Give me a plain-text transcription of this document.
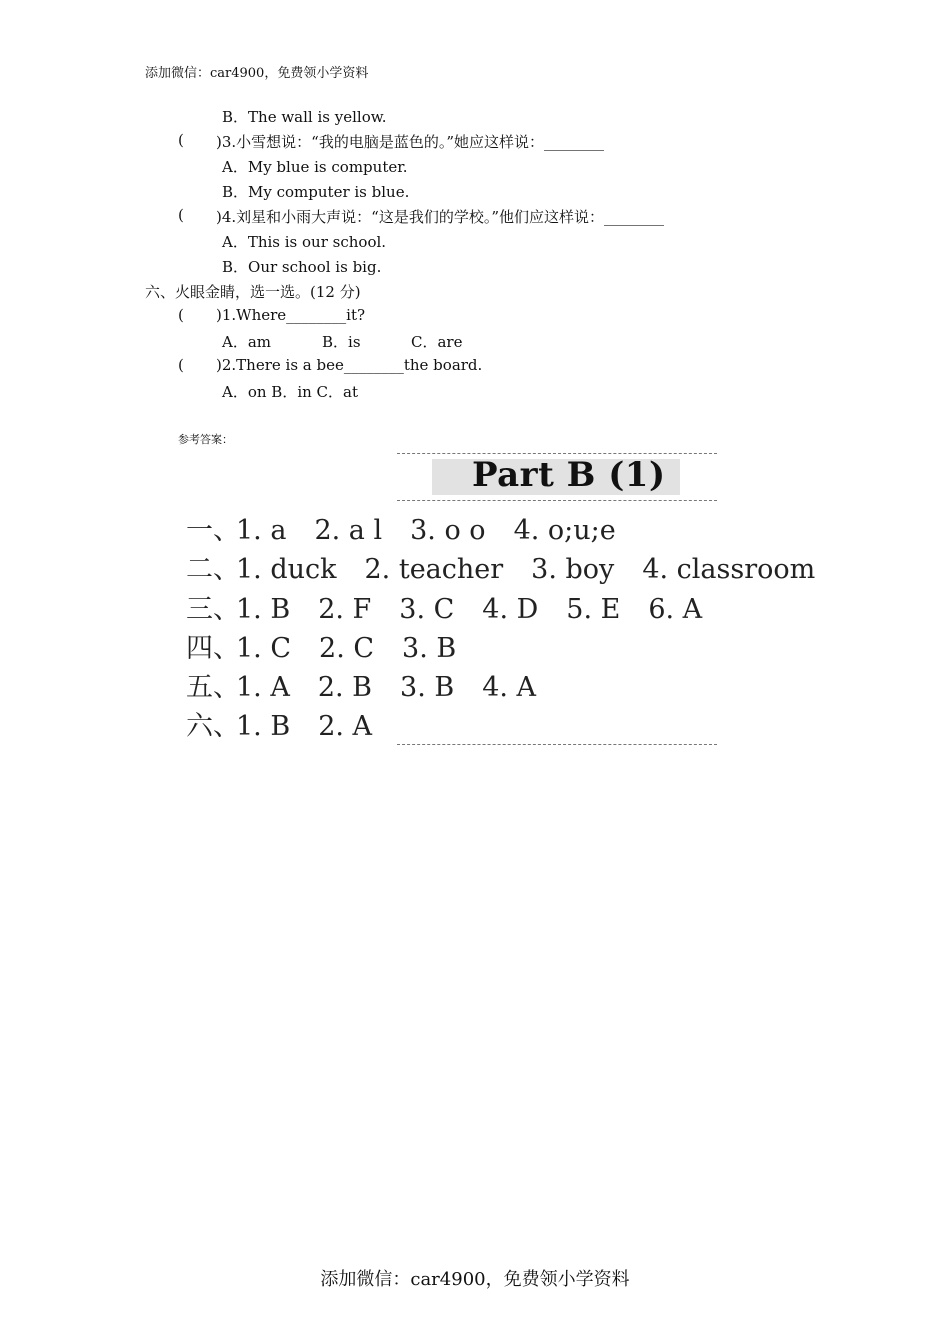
添加微信：car4900，免费领小学资料
B．The wall is yellow.
( )3.小雪想说：“我的电脑是蓝色的。”她应这样说：________
A．My blue is computer.
B．My computer is blue.
( )4.刘星和小雨大声说：“这是我们的学校。”他们应这样说：________
A．This is our school.
B．Our school is big.
六、火眼金睛，选一选。(12 分)
( )1.Where________it?
A．am	B．is	C．are
( )2.There is a bee________the board.
A．on B．in C．at
参考答案：
Part B (1)
一、1. a 2. a l 3. o o 4. o;u;e
二、1. duck 2. teacher 3. boy 4. classroom
三、1. B 2. F 3. C 4. D 5. E 6. A
四、1. C 2. C 3. B
五、1. A 2. B 3. B 4. A
六、1. B 2. A
添加微信：car4900，免费领小学资料
